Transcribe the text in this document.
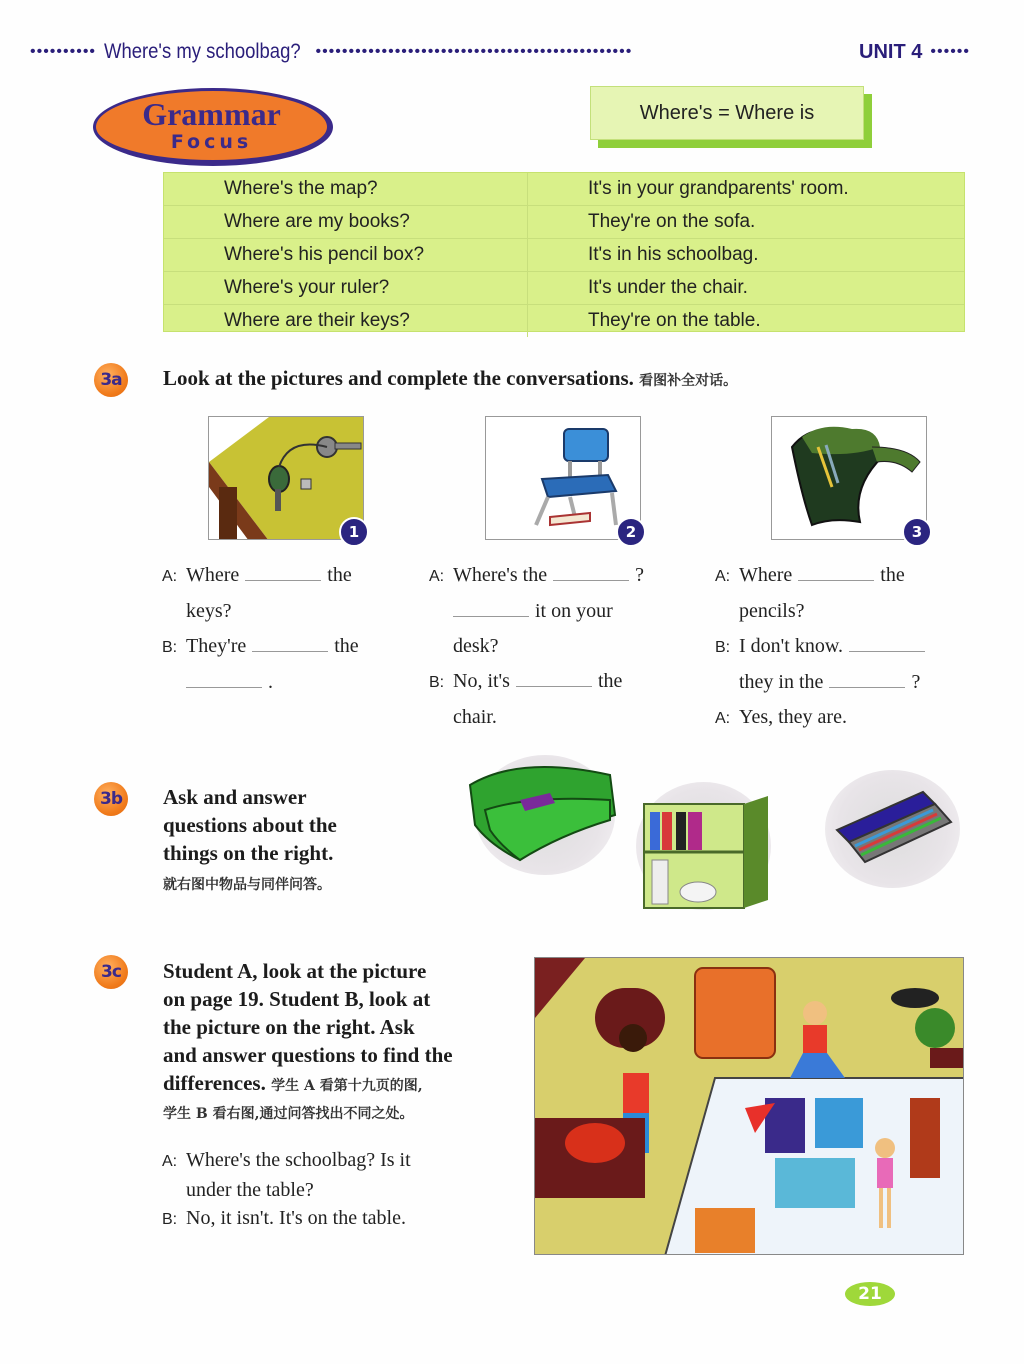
•••••••••• Where's my schoolbag? ••••••••••••••••••••••••••••••••••••••••••••••••	UNIT 4 ••••••
Grammar
Focus
Where's = Where is
Where's the map?	It's in your grandparents' room.
Where are my books?	They're on the sofa.
Where's his pencil box?	It's in his schoolbag.
Where's your ruler?	It's under the chair.
Where are their keys?	They're on the table.
3a	Look at the pictures and complete the conversations. 看图补全对话。
1	2	3
A: Where	the
keys?
B: They're	the
.
A: Where's the	?
it on your
desk?
B: No, it's	the
chair.
A: Where	the
pencils?
B: I don't know.
they in the	?
A: Yes, they are.
3b Ask and answer
questions about the
things on the right.
就右图中物品与同伴问答。
3c	Student A, look at the picture
on page 19. Student B, look at
the picture on the right. Ask
and answer questions to find the
differences. 学生 A 看第十九页的图,
学生 B 看右图,通过问答找出不同之处。
A: Where's the schoolbag? Is it
under the table?
B: No, it isn't. It's on the table.
21
